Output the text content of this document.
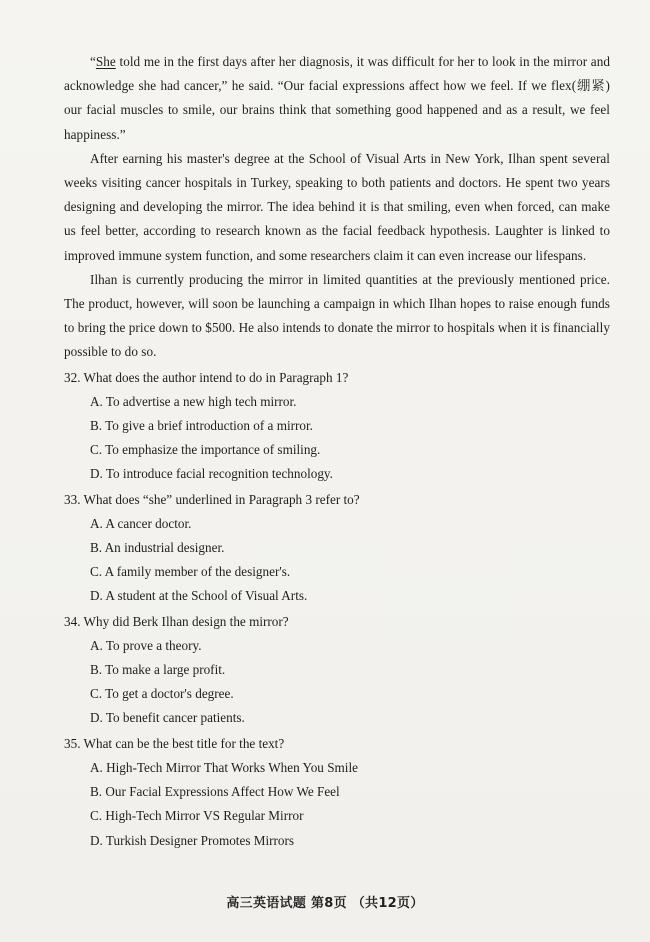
“She told me in the first days after her diagnosis, it was difficult for her to look in the mirror and acknowledge she had cancer,” he said. “Our facial expressions affect how we feel. If we flex(绷紧) our facial muscles to smile, our brains think that something good happened and as a result, we feel happiness.”

After earning his master's degree at the School of Visual Arts in New York, Ilhan spent several weeks visiting cancer hospitals in Turkey, speaking to both patients and doctors. He spent two years designing and developing the mirror. The idea behind it is that smiling, even when forced, can make us feel better, according to research known as the facial feedback hypothesis. Laughter is linked to improved immune system function, and some researchers claim it can even increase our lifespans.

Ilhan is currently producing the mirror in limited quantities at the previously mentioned price. The product, however, will soon be launching a campaign in which Ilhan hopes to raise enough funds to bring the price down to $500. He also intends to donate the mirror to hospitals when it is financially possible to do so.

32. What does the author intend to do in Paragraph 1?

A. To advertise a new high tech mirror.
B. To give a brief introduction of a mirror.
C. To emphasize the importance of smiling.
D. To introduce facial recognition technology.

33. What does “she” underlined in Paragraph 3 refer to?

A. A cancer doctor.
B. An industrial designer.
C. A family member of the designer's.
D. A student at the School of Visual Arts.

34. Why did Berk Ilhan design the mirror?

A. To prove a theory.
B. To make a large profit.
C. To get a doctor's degree.
D. To benefit cancer patients.

35. What can be the best title for the text?

A. High-Tech Mirror That Works When You Smile
B. Our Facial Expressions Affect How We Feel
C. High-Tech Mirror VS Regular Mirror
D. Turkish Designer Promotes Mirrors
高三英语试题 第8页 （共12页）
